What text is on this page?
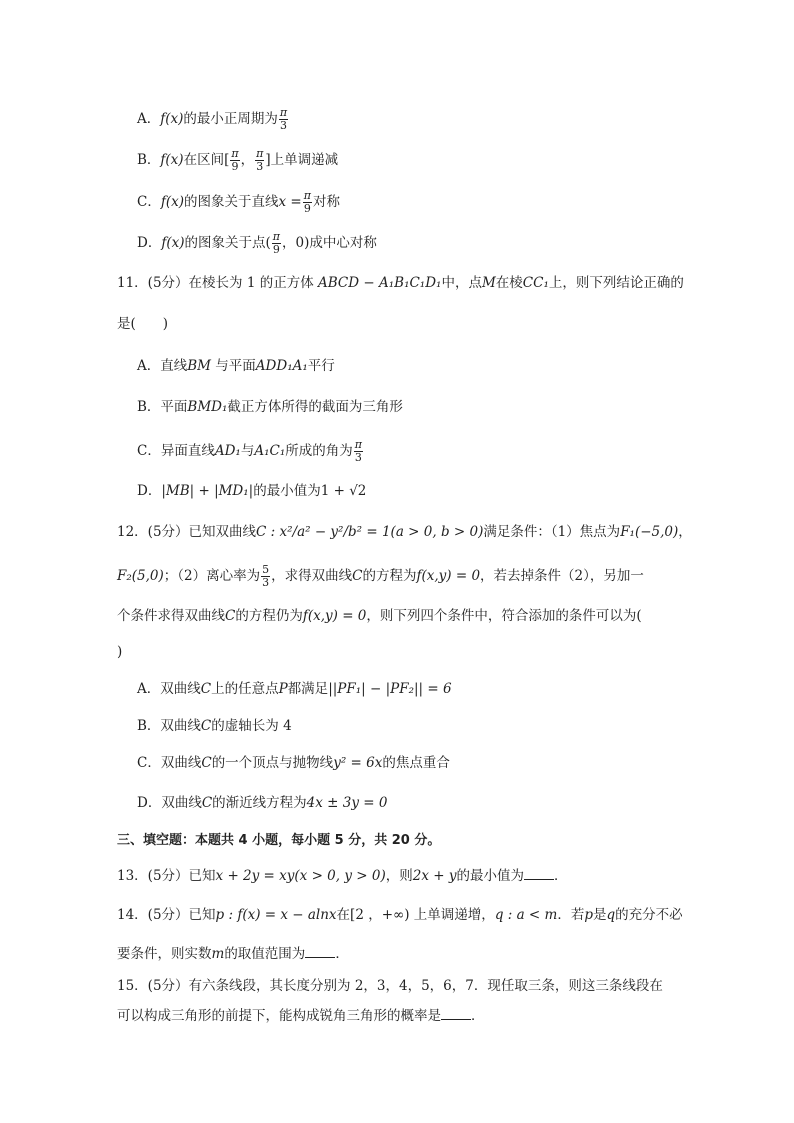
A．f(x)的最小正周期为 $\frac{\pi}{3}$
B．f(x)在区间[ $\frac{\pi}{9}$ ， $\frac{\pi}{3}$ ]上单调递减
C．f(x)的图象关于直线$x = \frac{\pi}{9}$ 对称
D．f(x)的图象关于点( $\frac{\pi}{9}$ ，0)成中心对称
11．(5分）在棱长为 1 的正方体 ABCD − A₁B₁C₁D₁中，点M在棱CC₁上，则下列结论正确的
是(　　)
A．直线BM 与平面ADD₁A₁平行
B．平面BMD₁截正方体所得的截面为三角形
C．异面直线AD₁与A₁C₁所成的角为 $\frac{\pi}{3}$
D．|MB| + |MD₁|的最小值为1 + √2
12．(5分）已知双曲线C : x²/a² − y²/b² = 1(a > 0, b > 0)满足条件：（1）焦点为F₁(−5,0)，
F₂(5,0)；（2）离心率为 $\frac{5}{3}$ ，求得双曲线C的方程为f(x,y) = 0，若去掉条件（2），另加一
个条件求得双曲线C的方程仍为f(x,y) = 0，则下列四个条件中，符合添加的条件可以为(
)
A．双曲线C上的任意点P都满足||PF₁| − |PF₂|| = 6
B．双曲线C的虚轴长为 4
C．双曲线C的一个顶点与抛物线y² = 6x的焦点重合
D．双曲线C的渐近线方程为4x ± 3y = 0
三、填空题：本题共 4 小题，每小题 5 分，共 20 分。
13．(5分）已知x + 2y = xy(x > 0, y > 0)，则2x + y的最小值为 ．
14．(5分）已知p : f(x) = x − alnx在[2 ，+∞) 上单调递增，q : a < m．若p是q的充分不必
要条件，则实数m的取值范围为 ．
15．(5分）有六条线段，其长度分别为 2，3，4，5，6，7．现任取三条，则这三条线段在
可以构成三角形的前提下，能构成锐角三角形的概率是 ．
